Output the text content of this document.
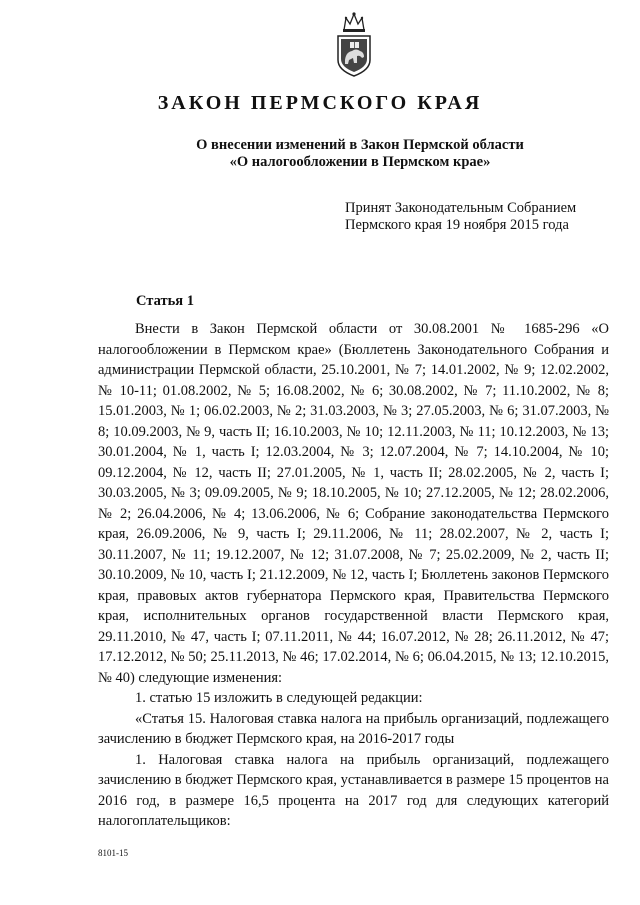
ЗАКОН ПЕРМСКОГО КРАЯ
О внесении изменений в Закон Пермской области
«О налогообложении в Пермском крае»
Принят Законодательным Собранием
Пермского края 19 ноября 2015 года
Статья 1

Внести в Закон Пермской области от 30.08.2001 № 1685-296 «О налогообложении в Пермском крае» (Бюллетень Законодательного Собрания и администрации Пермской области, 25.10.2001, № 7; 14.01.2002, № 9; 12.02.2002, № 10-11; 01.08.2002, № 5; 16.08.2002, № 6; 30.08.2002, № 7; 11.10.2002, № 8; 15.01.2003, № 1; 06.02.2003, № 2; 31.03.2003, № 3; 27.05.2003, № 6; 31.07.2003, № 8; 10.09.2003, № 9, часть II; 16.10.2003, № 10; 12.11.2003, № 11; 10.12.2003, № 13; 30.01.2004, № 1, часть I; 12.03.2004, № 3; 12.07.2004, № 7; 14.10.2004, № 10; 09.12.2004, № 12, часть II; 27.01.2005, № 1, часть II; 28.02.2005, № 2, часть I; 30.03.2005, № 3; 09.09.2005, № 9; 18.10.2005, № 10; 27.12.2005, № 12; 28.02.2006, № 2; 26.04.2006, № 4; 13.06.2006, № 6; Собрание законодательства Пермского края, 26.09.2006, № 9, часть I; 29.11.2006, № 11; 28.02.2007, № 2, часть I; 30.11.2007, № 11; 19.12.2007, № 12; 31.07.2008, № 7; 25.02.2009, № 2, часть II; 30.10.2009, № 10, часть I; 21.12.2009, № 12, часть I; Бюллетень законов Пермского края, правовых актов губернатора Пермского края, Правительства Пермского края, исполнительных органов государственной власти Пермского края, 29.11.2010, № 47, часть I; 07.11.2011, № 44; 16.07.2012, № 28; 26.11.2012, № 47; 17.12.2012, № 50; 25.11.2013, № 46; 17.02.2014, № 6; 06.04.2015, № 13; 12.10.2015, № 40) следующие изменения:

1. статью 15 изложить в следующей редакции:

«Статья 15. Налоговая ставка налога на прибыль организаций, подлежащего зачислению в бюджет Пермского края, на 2016-2017 годы

1. Налоговая ставка налога на прибыль организаций, подлежащего зачислению в бюджет Пермского края, устанавливается в размере 15 процентов на 2016 год, в размере 16,5 процента на 2017 год для следующих категорий налогоплательщиков:

8101-15
